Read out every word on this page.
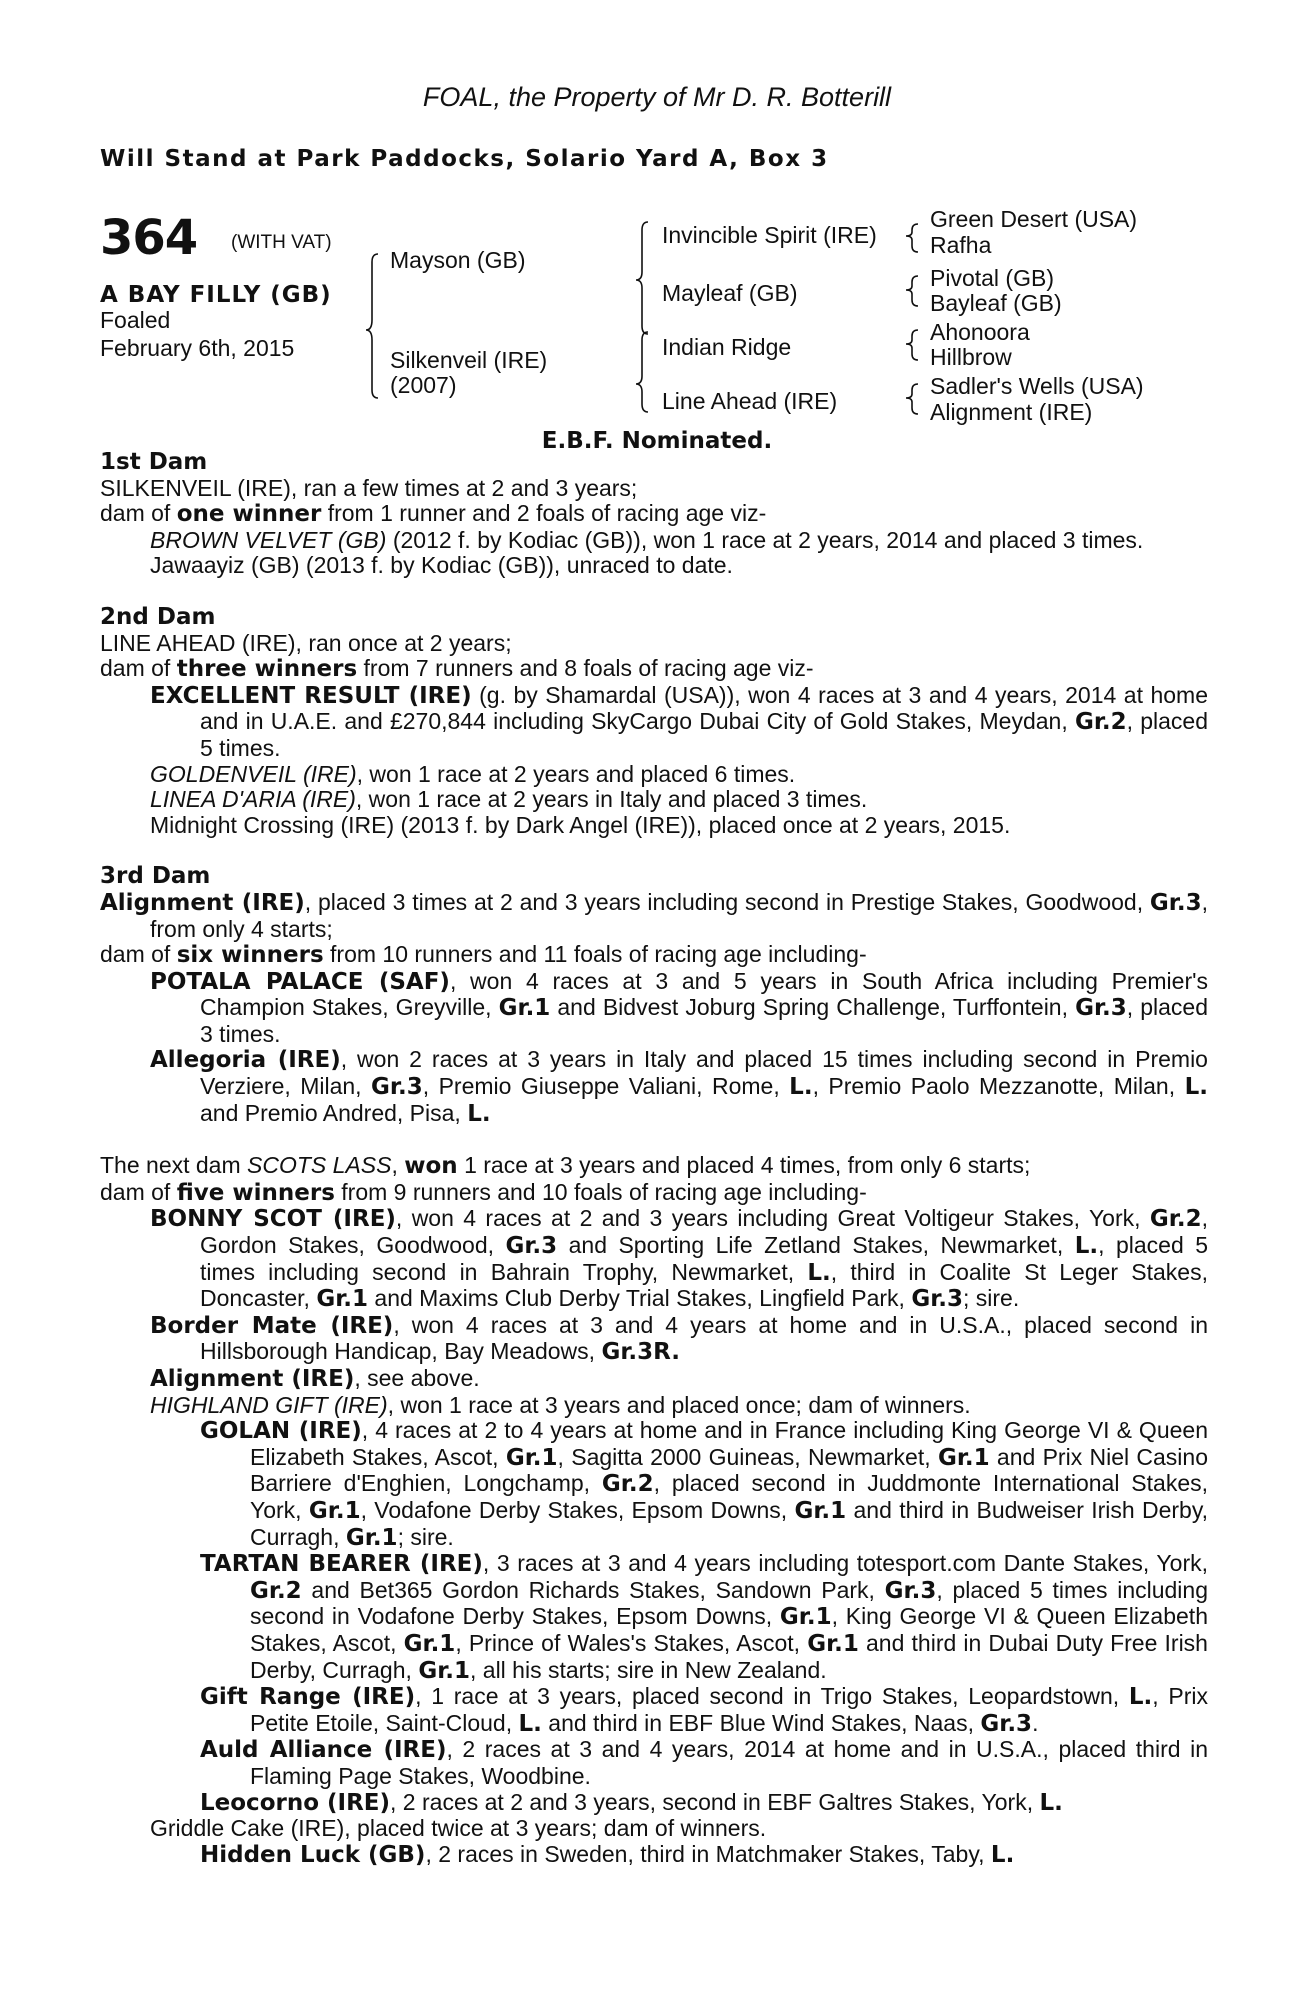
FOAL, the Property of Mr D. R. Botterill
Will Stand at Park Paddocks, Solario Yard A, Box 3
364 (WITH VAT)
A BAY FILLY (GB)
Foaled
February 6th, 2015
Mayson (GB)
Silkenveil (IRE)
(2007)
Invincible Spirit (IRE)
Mayleaf (GB)
Indian Ridge
Line Ahead (IRE)
Green Desert (USA)
Rafha
Pivotal (GB)
Bayleaf (GB)
Ahonoora
Hillbrow
Sadler's Wells (USA)
Alignment (IRE)
E.B.F. Nominated.
1st Dam
SILKENVEIL (IRE), ran a few times at 2 and 3 years;
dam of one winner from 1 runner and 2 foals of racing age viz-
BROWN VELVET (GB) (2012 f. by Kodiac (GB)), won 1 race at 2 years, 2014 and placed 3 times.
Jawaayiz (GB) (2013 f. by Kodiac (GB)), unraced to date.
2nd Dam
LINE AHEAD (IRE), ran once at 2 years;
dam of three winners from 7 runners and 8 foals of racing age viz-
EXCELLENT RESULT (IRE) (g. by Shamardal (USA)), won 4 races at 3 and 4 years, 2014 at home and in U.A.E. and £270,844 including SkyCargo Dubai City of Gold Stakes, Meydan, Gr.2, placed 5 times.
GOLDENVEIL (IRE), won 1 race at 2 years and placed 6 times.
LINEA D'ARIA (IRE), won 1 race at 2 years in Italy and placed 3 times.
Midnight Crossing (IRE) (2013 f. by Dark Angel (IRE)), placed once at 2 years, 2015.
3rd Dam
Alignment (IRE), placed 3 times at 2 and 3 years including second in Prestige Stakes, Goodwood, Gr.3, from only 4 starts;
dam of six winners from 10 runners and 11 foals of racing age including-
POTALA PALACE (SAF), won 4 races at 3 and 5 years in South Africa including Premier's Champion Stakes, Greyville, Gr.1 and Bidvest Joburg Spring Challenge, Turffontein, Gr.3, placed 3 times.
Allegoria (IRE), won 2 races at 3 years in Italy and placed 15 times including second in Premio Verziere, Milan, Gr.3, Premio Giuseppe Valiani, Rome, L., Premio Paolo Mezzanotte, Milan, L. and Premio Andred, Pisa, L.
The next dam SCOTS LASS, won 1 race at 3 years and placed 4 times, from only 6 starts;
dam of five winners from 9 runners and 10 foals of racing age including-
BONNY SCOT (IRE), won 4 races at 2 and 3 years including Great Voltigeur Stakes, York, Gr.2, Gordon Stakes, Goodwood, Gr.3 and Sporting Life Zetland Stakes, Newmarket, L., placed 5 times including second in Bahrain Trophy, Newmarket, L., third in Coalite St Leger Stakes, Doncaster, Gr.1 and Maxims Club Derby Trial Stakes, Lingfield Park, Gr.3; sire.
Border Mate (IRE), won 4 races at 3 and 4 years at home and in U.S.A., placed second in Hillsborough Handicap, Bay Meadows, Gr.3R.
Alignment (IRE), see above.
HIGHLAND GIFT (IRE), won 1 race at 3 years and placed once; dam of winners.
GOLAN (IRE), 4 races at 2 to 4 years at home and in France including King George VI & Queen Elizabeth Stakes, Ascot, Gr.1, Sagitta 2000 Guineas, Newmarket, Gr.1 and Prix Niel Casino Barriere d'Enghien, Longchamp, Gr.2, placed second in Juddmonte International Stakes, York, Gr.1, Vodafone Derby Stakes, Epsom Downs, Gr.1 and third in Budweiser Irish Derby, Curragh, Gr.1; sire.
TARTAN BEARER (IRE), 3 races at 3 and 4 years including totesport.com Dante Stakes, York, Gr.2 and Bet365 Gordon Richards Stakes, Sandown Park, Gr.3, placed 5 times including second in Vodafone Derby Stakes, Epsom Downs, Gr.1, King George VI & Queen Elizabeth Stakes, Ascot, Gr.1, Prince of Wales's Stakes, Ascot, Gr.1 and third in Dubai Duty Free Irish Derby, Curragh, Gr.1, all his starts; sire in New Zealand.
Gift Range (IRE), 1 race at 3 years, placed second in Trigo Stakes, Leopardstown, L., Prix Petite Etoile, Saint-Cloud, L. and third in EBF Blue Wind Stakes, Naas, Gr.3.
Auld Alliance (IRE), 2 races at 3 and 4 years, 2014 at home and in U.S.A., placed third in Flaming Page Stakes, Woodbine.
Leocorno (IRE), 2 races at 2 and 3 years, second in EBF Galtres Stakes, York, L.
Griddle Cake (IRE), placed twice at 3 years; dam of winners.
Hidden Luck (GB), 2 races in Sweden, third in Matchmaker Stakes, Taby, L.
